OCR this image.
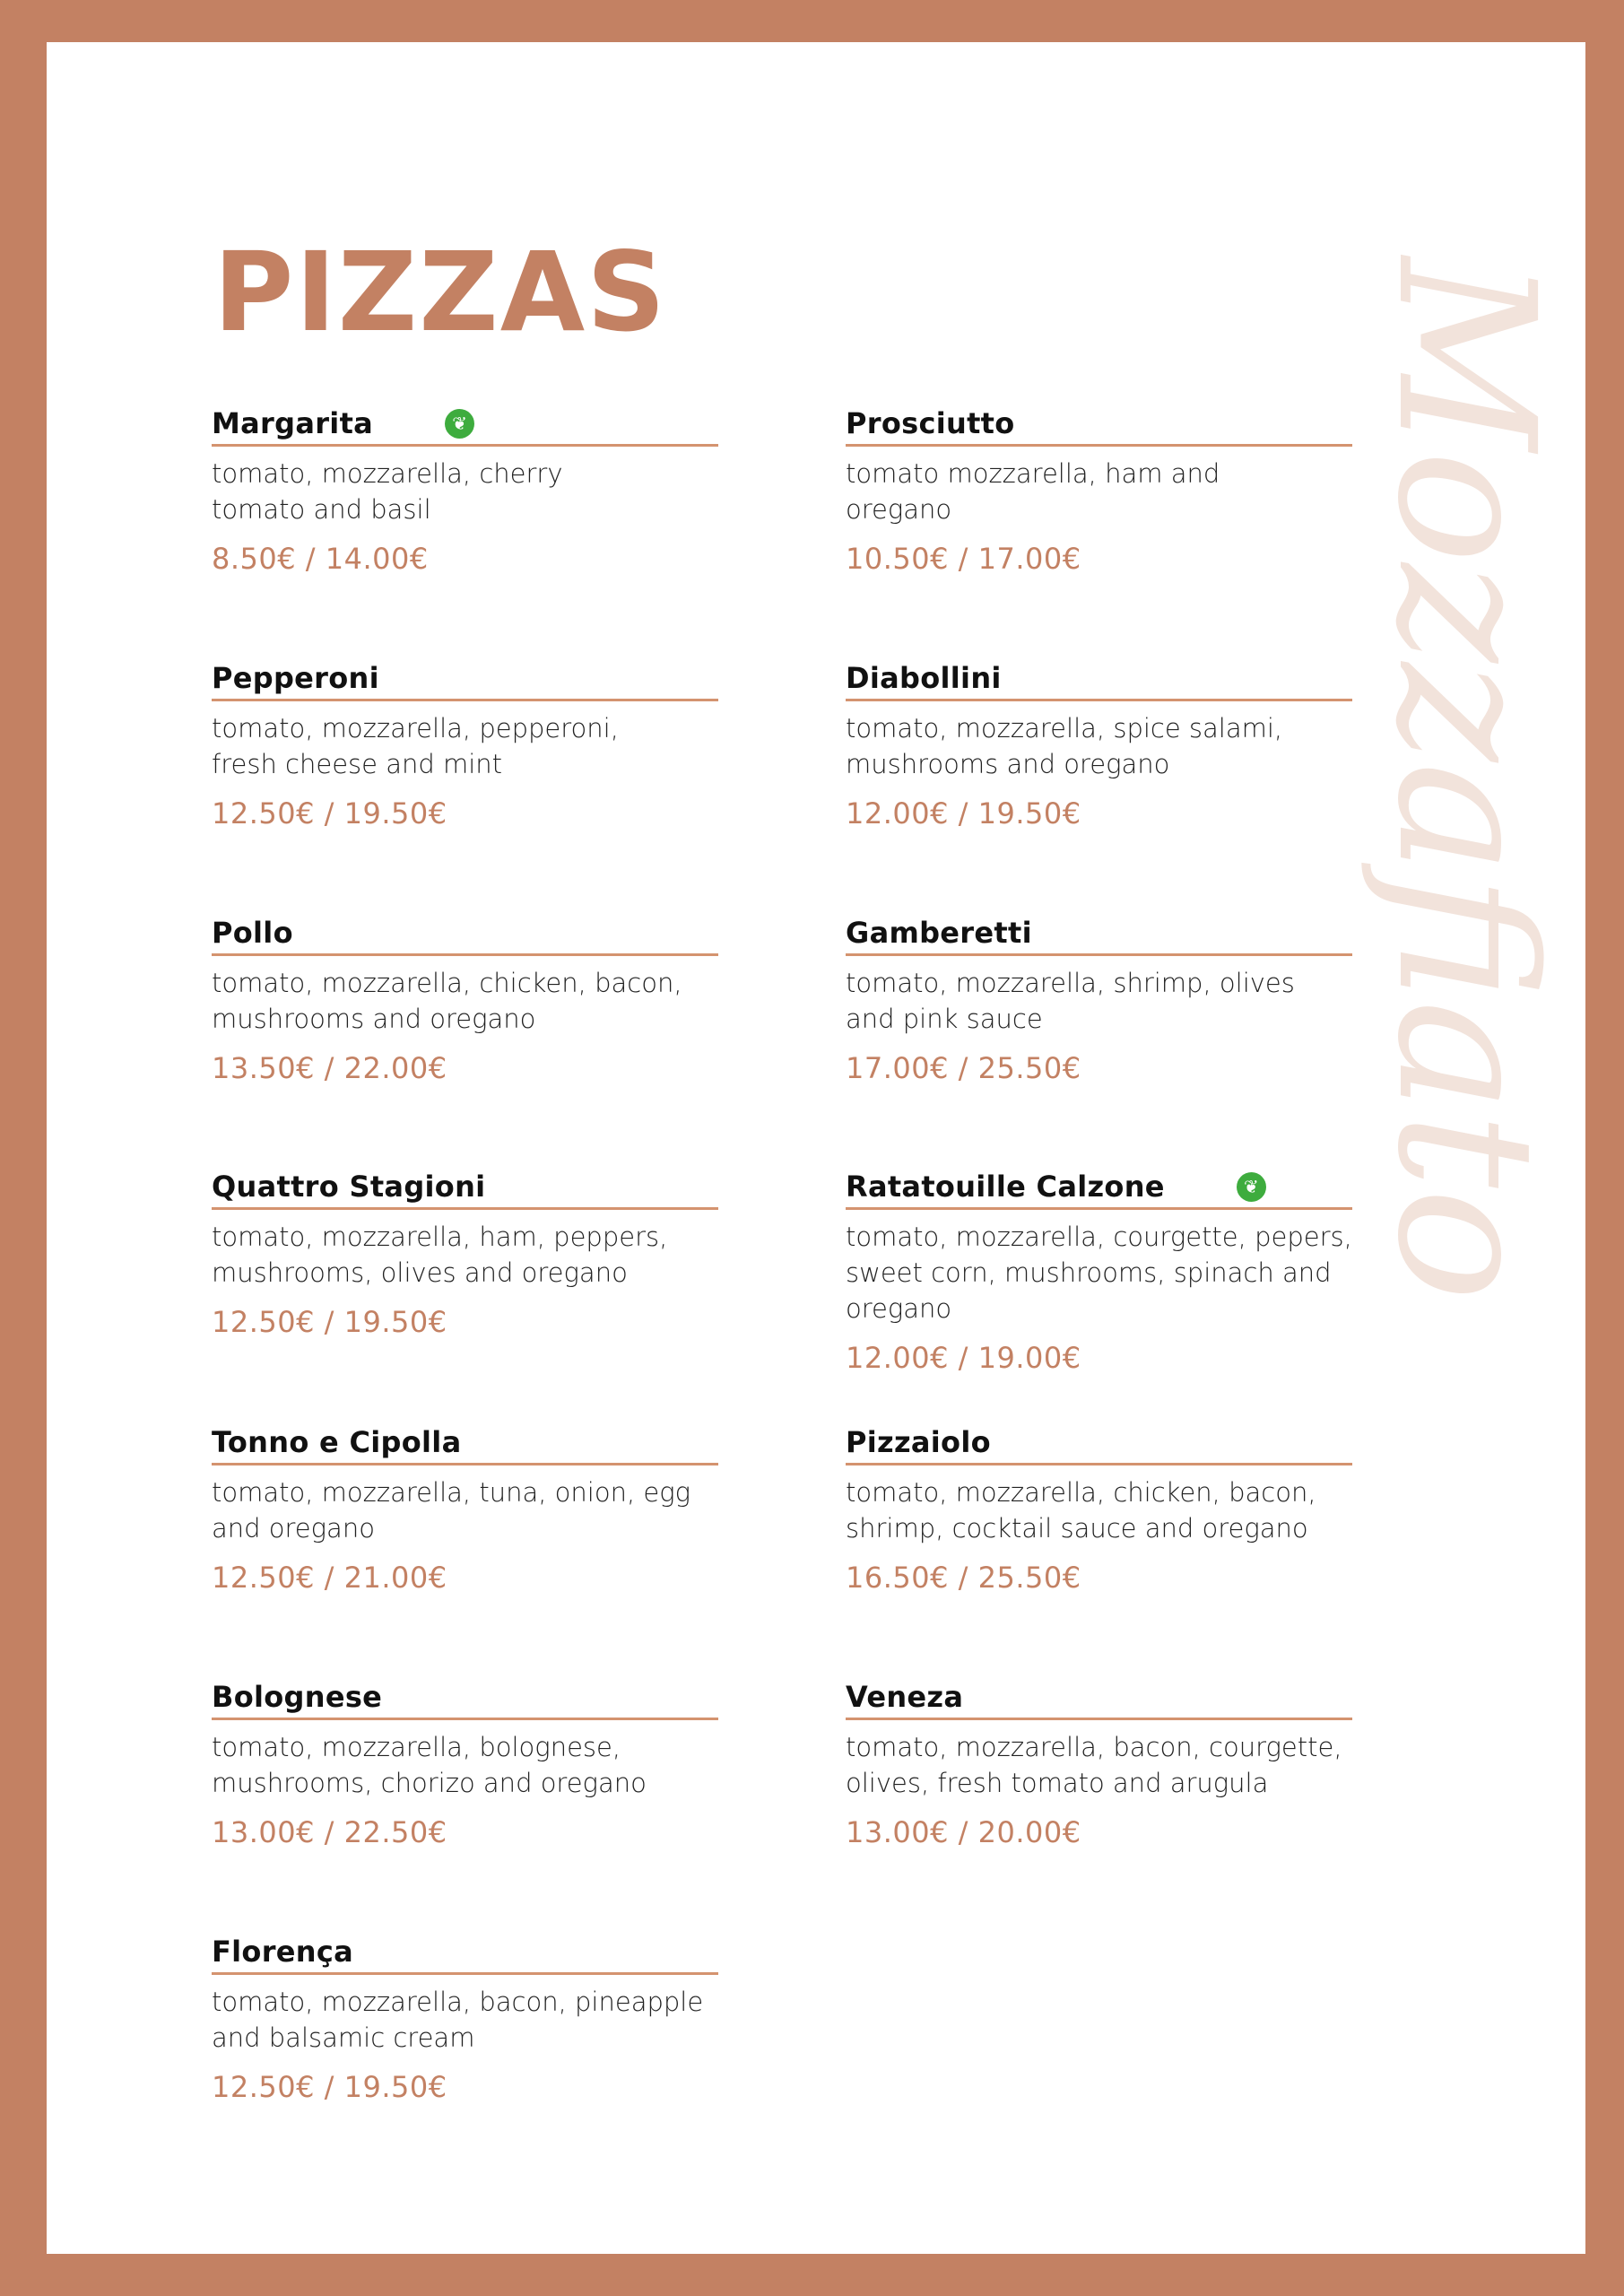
PIZZAS	Mozzafiato
Margarita	❦
tomato, mozzarella, cherry
tomato and basil
8.50€ / 14.00€
Prosciutto
tomato mozzarella, ham and
oregano
10.50€ / 17.00€
Pepperoni
tomato, mozzarella, pepperoni,
fresh cheese and mint
12.50€ / 19.50€
Diabollini
tomato, mozzarella, spice salami,
mushrooms and oregano
12.00€ / 19.50€
Pollo
tomato, mozzarella, chicken, bacon,
mushrooms and oregano
13.50€ / 22.00€
Gamberetti
tomato, mozzarella, shrimp, olives
and pink sauce
17.00€ / 25.50€
Quattro Stagioni
tomato, mozzarella, ham, peppers,
mushrooms, olives and oregano
12.50€ / 19.50€
Ratatouille Calzone	❦
tomato, mozzarella, courgette, pepers,
sweet corn, mushrooms, spinach and
oregano
12.00€ / 19.00€
Tonno e Cipolla
tomato, mozzarella, tuna, onion, egg
and oregano
12.50€ / 21.00€
Pizzaiolo
tomato, mozzarella, chicken, bacon,
shrimp, cocktail sauce and oregano
16.50€ / 25.50€
Bolognese
tomato, mozzarella, bolognese,
mushrooms, chorizo and oregano
13.00€ / 22.50€
Veneza
tomato, mozzarella, bacon, courgette,
olives, fresh tomato and arugula
13.00€ / 20.00€
Florença
tomato, mozzarella, bacon, pineapple
and balsamic cream
12.50€ / 19.50€
